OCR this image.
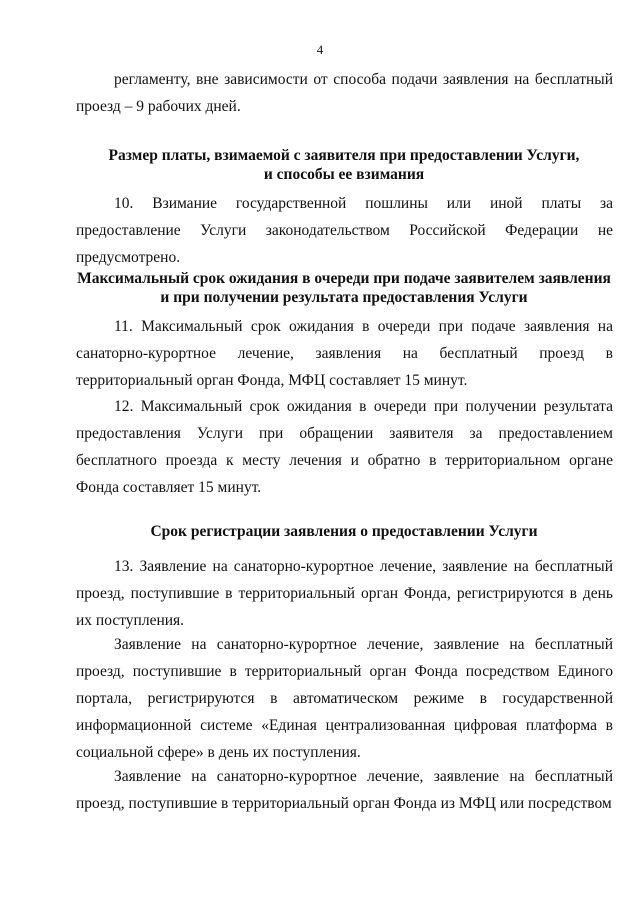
4
регламенту, вне зависимости от способа подачи заявления на бесплатный проезд – 9 рабочих дней.
Размер платы, взимаемой с заявителя при предоставлении Услуги,
и способы ее взимания
10. Взимание государственной пошлины или иной платы за предоставление Услуги законодательством Российской Федерации не предусмотрено.
Максимальный срок ожидания в очереди при подаче заявителем заявления
и при получении результата предоставления Услуги
11. Максимальный срок ожидания в очереди при подаче заявления на санаторно-курортное лечение, заявления на бесплатный проезд в территориальный орган Фонда, МФЦ составляет 15 минут.
12. Максимальный срок ожидания в очереди при получении результата предоставления Услуги при обращении заявителя за предоставлением бесплатного проезда к месту лечения и обратно в территориальном органе Фонда составляет 15 минут.
Срок регистрации заявления о предоставлении Услуги
13. Заявление на санаторно-курортное лечение, заявление на бесплатный проезд, поступившие в территориальный орган Фонда, регистрируются в день их поступления.
Заявление на санаторно-курортное лечение, заявление на бесплатный проезд, поступившие в территориальный орган Фонда посредством Единого портала, регистрируются в автоматическом режиме в государственной информационной системе «Единая централизованная цифровая платформа в социальной сфере» в день их поступления.
Заявление на санаторно-курортное лечение, заявление на бесплатный проезд, поступившие в территориальный орган Фонда из МФЦ или посредством
